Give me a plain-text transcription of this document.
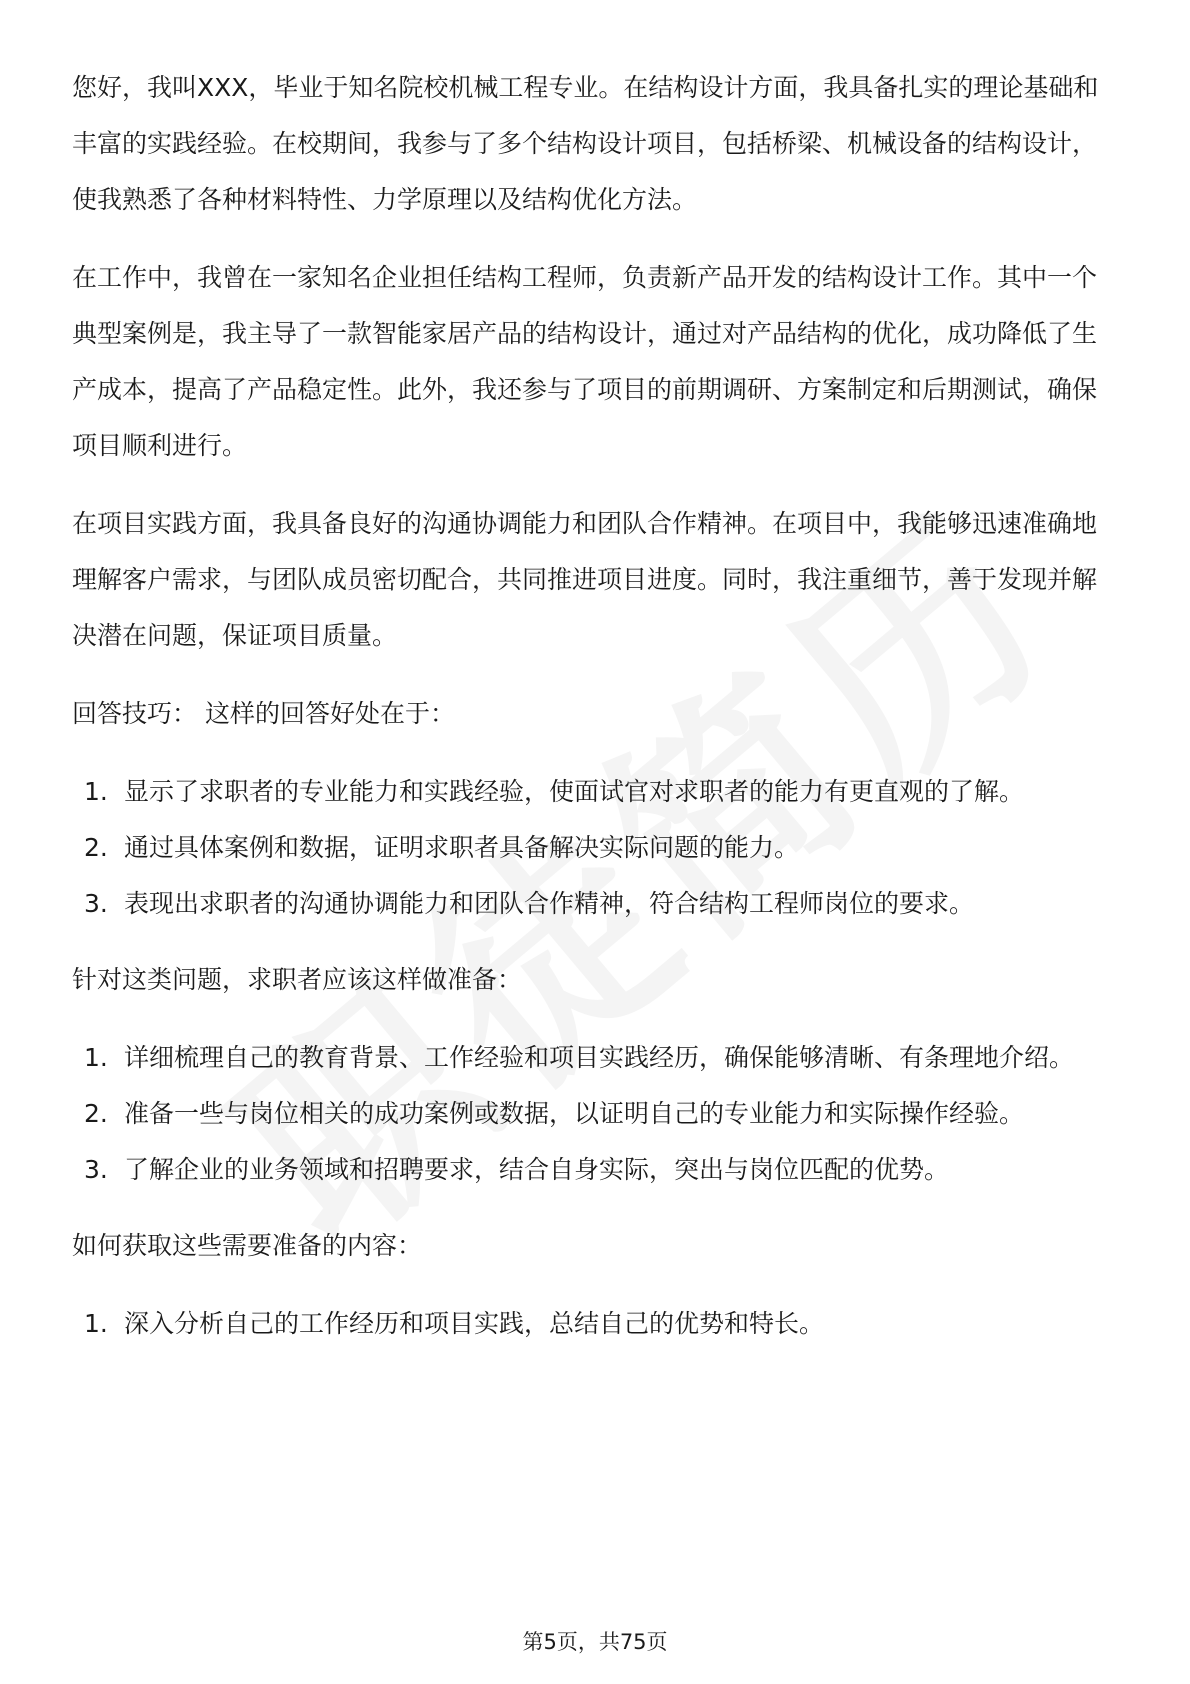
您好，我叫XXX，毕业于知名院校机械工程专业。在结构设计方面，我具备扎实的理论基础和丰富的实践经验。在校期间，我参与了多个结构设计项目，包括桥梁、机械设备的结构设计，使我熟悉了各种材料特性、力学原理以及结构优化方法。

在工作中，我曾在一家知名企业担任结构工程师，负责新产品开发的结构设计工作。其中一个典型案例是，我主导了一款智能家居产品的结构设计，通过对产品结构的优化，成功降低了生产成本，提高了产品稳定性。此外，我还参与了项目的前期调研、方案制定和后期测试，确保项目顺利进行。

在项目实践方面，我具备良好的沟通协调能力和团队合作精神。在项目中，我能够迅速准确地理解客户需求，与团队成员密切配合，共同推进项目进度。同时，我注重细节，善于发现并解决潜在问题，保证项目质量。

回答技巧： 这样的回答好处在于：

1. 显示了求职者的专业能力和实践经验，使面试官对求职者的能力有更直观的了解。
2. 通过具体案例和数据，证明求职者具备解决实际问题的能力。
3. 表现出求职者的沟通协调能力和团队合作精神，符合结构工程师岗位的要求。

针对这类问题，求职者应该这样做准备：

1. 详细梳理自己的教育背景、工作经验和项目实践经历，确保能够清晰、有条理地介绍。
2. 准备一些与岗位相关的成功案例或数据，以证明自己的专业能力和实际操作经验。
3. 了解企业的业务领域和招聘要求，结合自身实际，突出与岗位匹配的优势。

如何获取这些需要准备的内容：

1. 深入分析自己的工作经历和项目实践，总结自己的优势和特长。
第5页，共75页
